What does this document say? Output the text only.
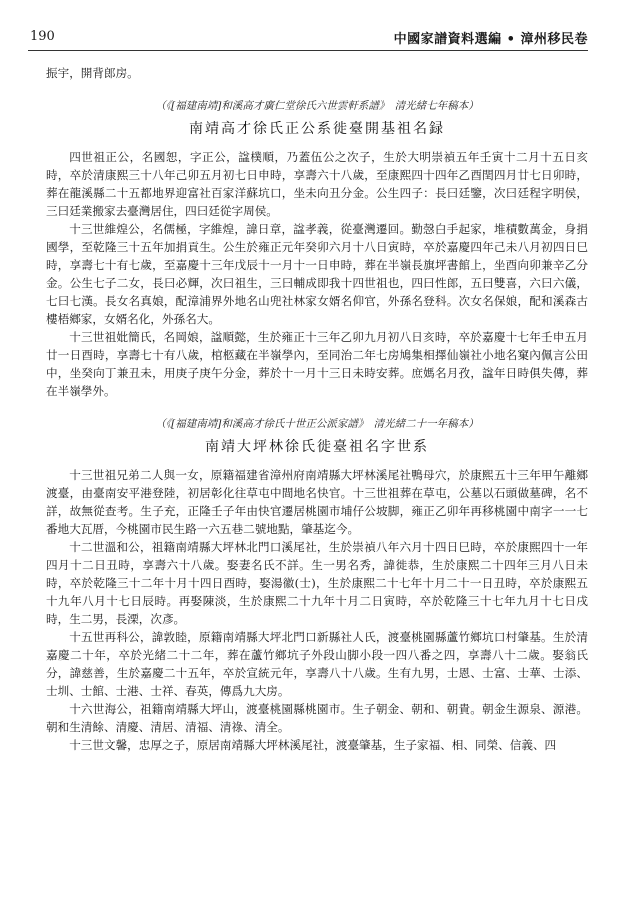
190	中國家譜資料選編 • 漳州移民卷

振宇，開背郎房。

（《[福建南靖]和溪高才廣仁堂徐氏六世雲軒系譜》　清光緒七年稿本）
南靖高才徐氏正公系徙臺開基祖名録

四世祖正公，名國恕，字正公，諡樸順，乃蓋伍公之次子，生於大明崇禎五年壬寅十二月十五日亥時，卒於清康熙三十八年己卯五月初七日申時，享壽六十八歲，至康熙四十四年乙酉閏四月廿七日卯時，葬在龍溪縣二十五都地界迎富社百家洋蘇坑口，坐未向丑分金。公生四子：長曰廷鑒，次曰廷程字明侯，三曰廷業搬家去臺灣居住，四曰廷從字周侯。

十三世維煌公，名儒極，字維煌，諱日章，諡孝義，從臺灣遷回。勤愨白手起家，堆積數萬金，身捐國學，至乾隆三十五年加捐貢生。公生於雍正元年癸卯六月十八日寅時，卒於嘉慶四年己未八月初四日巳時，享壽七十有七歲，至嘉慶十三年戊辰十一月十一日申時，葬在半嶺長旗坪書館上，坐酉向卯兼辛乙分金。公生七子二女，長曰必輝，次曰祖生，三曰輔成即我十四世祖也，四曰性郎，五曰雙喜，六曰六儀，七曰七漢。長女名真娘，配漳浦界外地名山兜社林家女婿名仰官，外孫名登科。次女名保娘，配和溪森古樓梧鄉家，女婿名化，外孫名大。

十三世祖妣簡氏，名岡娘，諡順懿，生於雍正十三年乙卯九月初八日亥時，卒於嘉慶十七年壬申五月廿一日酉時，享壽七十有八歲，棺柩藏在半嶺學內，至同治二年七房鳩集相擇仙嶺社小地名窠內佩言公田中，坐癸向丁兼丑未，用庚子庚午分金，葬於十一月十三日未時安葬。庶媽名月孜，諡年日時俱失傳，葬在半嶺學外。

（《[福建南靖]和溪高才徐氏十世正公派家譜》　清光緒二十一年稿本）
南靖大坪林徐氏徙臺祖名字世系

十三世祖兄弟二人與一女，原籍福建省漳州府南靖縣大坪林溪尾社鴨母穴，於康熙五十三年甲午離鄉渡臺，由臺南安平港登陸，初居彰化往草屯中間地名快官。十三世祖葬在草屯，公墓以石頭做墓碑，名不詳，故無從查考。生子充，正隆壬子年由快官遷居桃園市埔仔公坡脚，雍正乙卯年再移桃園中南字一一七番地大瓦厝，今桃園市民生路一六五巷二號地點，肇基迄今。

十二世溫和公，祖籍南靖縣大坪林北門口溪尾社，生於崇禎八年六月十四日巳時，卒於康熙四十一年四月十二日丑時，享壽六十八歲。娶妻名氏不詳。生一男名秀，諱徙恭，生於康熙二十四年三月八日未時，卒於乾隆三十二年十月十四日酉時，娶湯徽(士)，生於康熙二十七年十月二十一日丑時，卒於康熙五十九年八月十七日辰時。再娶陳淡，生於康熙二十九年十月二日寅時，卒於乾隆三十七年九月十七日戌時，生二男，長溧，次彥。

十五世再科公，諱敦睦，原籍南靖縣大坪北門口新縣社人氏，渡臺桃園縣蘆竹鄉坑口村肇基。生於清嘉慶二十年，卒於光緒二十二年，葬在蘆竹鄉坑子外段山脚小段一四八番之四，享壽八十二歲。娶翁氏分，諱慈善，生於嘉慶二十五年，卒於宣統元年，享壽八十八歲。生有九男，士恩、士富、士華、士添、士圳、士館、士港、士祥、春英，傳爲九大房。

十六世海公，祖籍南靖縣大坪山，渡臺桃園縣桃園市。生子朝金、朝和、朝貴。朝金生源泉、源港。朝和生清餘、清慶、清居、清福、清祿、清全。

十三世文馨，忠厚之子，原居南靖縣大坪林溪尾社，渡臺肇基，生子家福、相、同榮、信義、四
